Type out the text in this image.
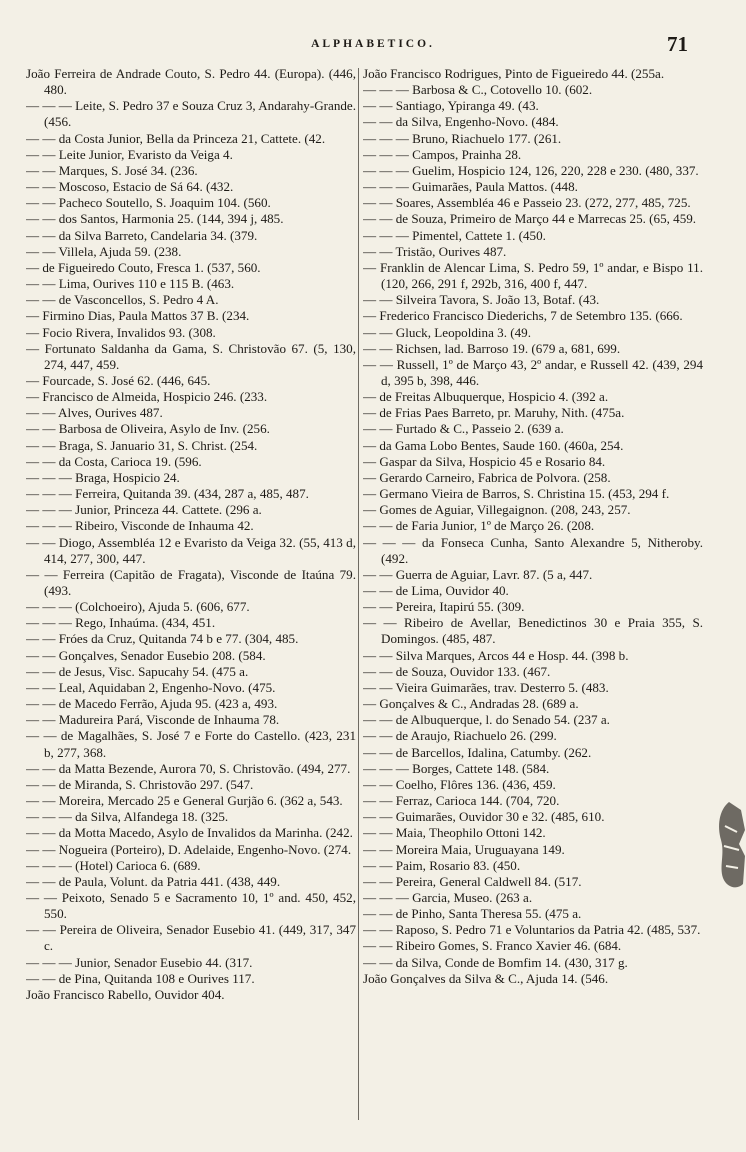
ALPHABETICO.	71
João Ferreira de Andrade Couto, S. Pedro 44. (Europa). (446, 480.
— — — Leite, S. Pedro 37 e Souza Cruz 3, Andarahy-Grande. (456.
— — da Costa Junior, Bella da Princeza 21, Cattete. (42.
— — Leite Junior, Evaristo da Veiga 4.
— — Marques, S. José 34. (236.
— — Moscoso, Estacio de Sá 64. (432.
— — Pacheco Soutello, S. Joaquim 104. (560.
— — dos Santos, Harmonia 25. (144, 394 j, 485.
— — da Silva Barreto, Candelaria 34. (379.
— — Villela, Ajuda 59. (238.
— de Figueiredo Couto, Fresca 1. (537, 560.
— — Lima, Ourives 110 e 115 B. (463.
— — de Vasconcellos, S. Pedro 4 A.
— Firmino Dias, Paula Mattos 37 B. (234.
— Focio Rivera, Invalidos 93. (308.
— Fortunato Saldanha da Gama, S. Christovão 67. (5, 130, 274, 447, 459.
— Fourcade, S. José 62. (446, 645.
— Francisco de Almeida, Hospicio 246. (233.
— — Alves, Ourives 487.
— — Barbosa de Oliveira, Asylo de Inv. (256.
— — Braga, S. Januario 31, S. Christ. (254.
— — da Costa, Carioca 19. (596.
— — — Braga, Hospicio 24.
— — — Ferreira, Quitanda 39. (434, 287 a, 485, 487.
— — — Junior, Princeza 44. Cattete. (296 a.
— — — Ribeiro, Visconde de Inhauma 42.
— — Diogo, Assembléa 12 e Evaristo da Veiga 32. (55, 413 d, 414, 277, 300, 447.
— — Ferreira (Capitão de Fragata), Visconde de Itaúna 79. (493.
— — — (Colchoeiro), Ajuda 5. (606, 677.
— — — Rego, Inhaúma. (434, 451.
— — Fróes da Cruz, Quitanda 74 b e 77. (304, 485.
— — Gonçalves, Senador Eusebio 208. (584.
— — de Jesus, Visc. Sapucahy 54. (475 a.
— — Leal, Aquidaban 2, Engenho-Novo. (475.
— — de Macedo Ferrão, Ajuda 95. (423 a, 493.
— — Madureira Pará, Visconde de Inhauma 78.
— — de Magalhães, S. José 7 e Forte do Castello. (423, 231 b, 277, 368.
— — da Matta Bezende, Aurora 70, S. Christovão. (494, 277.
— — de Miranda, S. Christovão 297. (547.
— — Moreira, Mercado 25 e General Gurjão 6. (362 a, 543.
— — — da Silva, Alfandega 18. (325.
— — da Motta Macedo, Asylo de Invalidos da Marinha. (242.
— — Nogueira (Porteiro), D. Adelaide, Engenho-Novo. (274.
— — — (Hotel) Carioca 6. (689.
— — de Paula, Volunt. da Patria 441. (438, 449.
— — Peixoto, Senado 5 e Sacramento 10, 1º and. 450, 452, 550.
— — Pereira de Oliveira, Senador Eusebio 41. (449, 317, 347 c.
— — — Junior, Senador Eusebio 44. (317.
— — de Pina, Quitanda 108 e Ourives 117.
João Francisco Rabello, Ouvidor 404.
João Francisco Rodrigues, Pinto de Figueiredo 44. (255a.
— — — Barbosa & C., Cotovello 10. (602.
— — Santiago, Ypiranga 49. (43.
— — da Silva, Engenho-Novo. (484.
— — — Bruno, Riachuelo 177. (261.
— — — Campos, Prainha 28.
— — — Guelim, Hospicio 124, 126, 220, 228 e 230. (480, 337.
— — — Guimarães, Paula Mattos. (448.
— — Soares, Assembléa 46 e Passeio 23. (272, 277, 485, 725.
— — de Souza, Primeiro de Março 44 e Marrecas 25. (65, 459.
— — — Pimentel, Cattete 1. (450.
— — Tristão, Ourives 487.
— Franklin de Alencar Lima, S. Pedro 59, 1º andar, e Bispo 11. (120, 266, 291 f, 292b, 316, 400 f, 447.
— — Silveira Tavora, S. João 13, Botaf. (43.
— Frederico Francisco Diederichs, 7 de Setembro 135. (666.
— — Gluck, Leopoldina 3. (49.
— — Richsen, lad. Barroso 19. (679 a, 681, 699.
— — Russell, 1º de Março 43, 2º andar, e Russell 42. (439, 294 d, 395 b, 398, 446.
— de Freitas Albuquerque, Hospicio 4. (392 a.
— de Frias Paes Barreto, pr. Maruhy, Nith. (475a.
— — Furtado & C., Passeio 2. (639 a.
— da Gama Lobo Bentes, Saude 160. (460a, 254.
— Gaspar da Silva, Hospicio 45 e Rosario 84.
— Gerardo Carneiro, Fabrica de Polvora. (258.
— Germano Vieira de Barros, S. Christina 15. (453, 294 f.
— Gomes de Aguiar, Villegaignon. (208, 243, 257.
— — de Faria Junior, 1º de Março 26. (208.
— — — da Fonseca Cunha, Santo Alexandre 5, Nitheroby. (492.
— — Guerra de Aguiar, Lavr. 87. (5 a, 447.
— — de Lima, Ouvidor 40.
— — Pereira, Itapirú 55. (309.
— — Ribeiro de Avellar, Benedictinos 30 e Praia 355, S. Domingos. (485, 487.
— — Silva Marques, Arcos 44 e Hosp. 44. (398 b.
— — de Souza, Ouvidor 133. (467.
— — Vieira Guimarães, trav. Desterro 5. (483.
— Gonçalves & C., Andradas 28. (689 a.
— — de Albuquerque, l. do Senado 54. (237 a.
— — de Araujo, Riachuelo 26. (299.
— — de Barcellos, Idalina, Catumby. (262.
— — — Borges, Cattete 148. (584.
— — Coelho, Flôres 136. (436, 459.
— — Ferraz, Carioca 144. (704, 720.
— — Guimarães, Ouvidor 30 e 32. (485, 610.
— — Maia, Theophilo Ottoni 142.
— — Moreira Maia, Uruguayana 149.
— — Paim, Rosario 83. (450.
— — Pereira, General Caldwell 84. (517.
— — — Garcia, Museo. (263 a.
— — de Pinho, Santa Theresa 55. (475 a.
— — Raposo, S. Pedro 71 e Voluntarios da Patria 42. (485, 537.
— — Ribeiro Gomes, S. Franco Xavier 46. (684.
— — da Silva, Conde de Bomfim 14. (430, 317 g.
João Gonçalves da Silva & C., Ajuda 14. (546.
